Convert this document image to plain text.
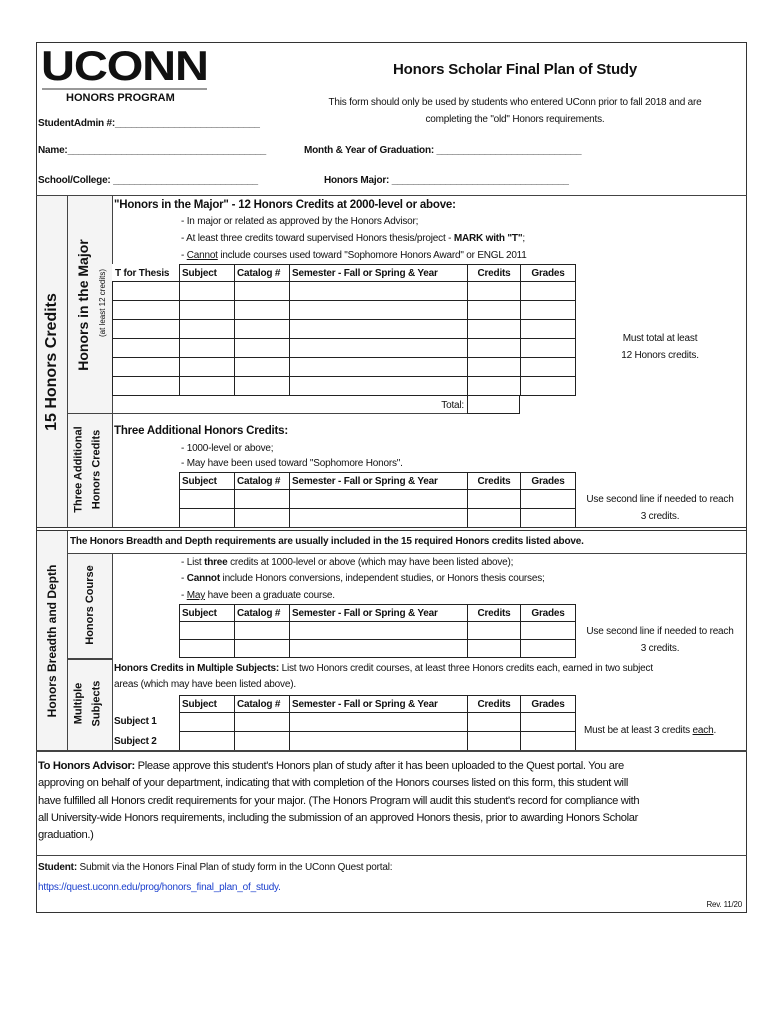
UCONN
HONORS PROGRAM
Honors Scholar Final Plan of Study
This form should only be used by students who entered UConn prior to fall 2018 and are
completing the "old" Honors requirements.
StudentAdmin #:___________________________
Name:_____________________________________	Month & Year of Graduation: ___________________________
School/College: ___________________________	Honors Major: _________________________________
15 Honors Credits Honors in the Major (at least 12 credits)
Three Additional Honors Credits
"Honors in the Major" - 12 Honors Credits at 2000-level or above:
- In major or related as approved by the Honors Advisor;
- At least three credits toward supervised Honors thesis/project - MARK with "T";
- Cannot include courses used toward "Sophomore Honors Award" or ENGL 2011
T for Thesis	Subject	Catalog #	Semester - Fall or Spring & Year	Credits	Grades
Total:
Must total at least
12 Honors credits.
Three Additional Honors Credits:
- 1000-level or above;
- May have been used toward "Sophomore Honors".
Subject	Catalog #	Semester - Fall or Spring & Year	Credits	Grades
Use second line if needed to reach
3 credits.
Honors Breadth and Depth Honors Course
Multiple Subjects
The Honors Breadth and Depth requirements are usually included in the 15 required Honors credits listed above.
- List three credits at 1000-level or above (which may have been listed above);
- Cannot include Honors conversions, independent studies, or Honors thesis courses;
- May have been a graduate course.
Subject	Catalog #	Semester - Fall or Spring & Year	Credits	Grades
Use second line if needed to reach
3 credits.
Honors Credits in Multiple Subjects: List two Honors credit courses, at least three Honors credits each, earned in two subject
areas (which may have been listed above).
Subject	Catalog #	Semester - Fall or Spring & Year	Credits	Grades
Subject 1
Subject 2
Must be at least 3 credits each.
To Honors Advisor: Please approve this student's Honors plan of study after it has been uploaded to the Quest portal. You are
approving on behalf of your department, indicating that with completion of the Honors courses listed on this form, this student will
have fulfilled all Honors credit requirements for your major. (The Honors Program will audit this student's record for compliance with
all University-wide Honors requirements, including the submission of an approved Honors thesis, prior to awarding Honors Scholar
graduation.)
Student: Submit via the Honors Final Plan of study form in the UConn Quest portal:
https://quest.uconn.edu/prog/honors_final_plan_of_study.
Rev. 11/20
